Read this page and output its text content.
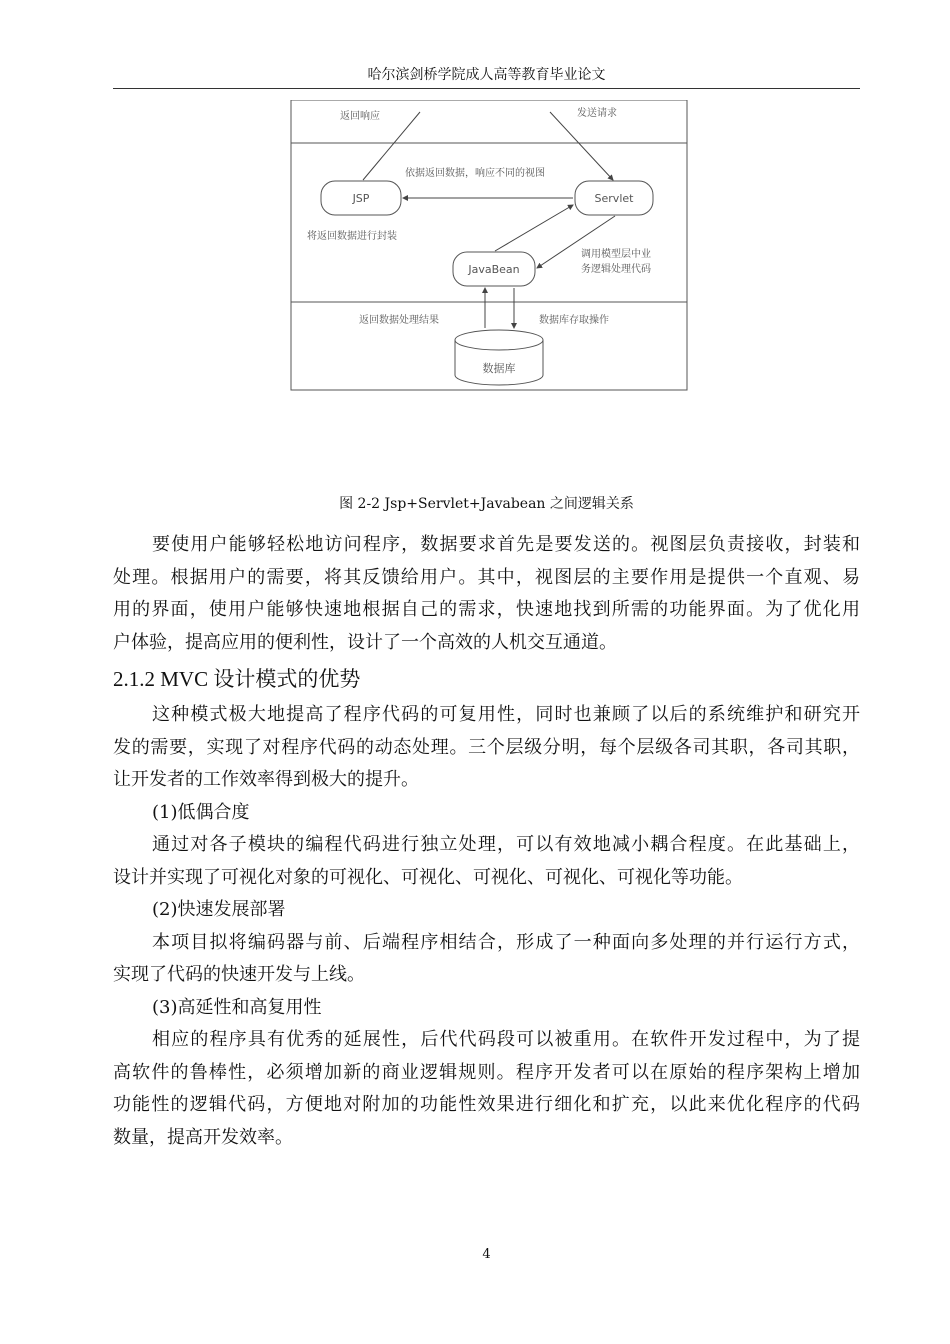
哈尔滨剑桥学院成人高等教育毕业论文
返回响应	发送请求
依据返回数据，响应不同的视图
JSP	Servlet
将返回数据进行封装
JavaBean
调用模型层中业
务逻辑处理代码
返回数据处理结果	数据库存取操作
数据库
图 2-2 Jsp+Servlet+Javabean 之间逻辑关系
要使用户能够轻松地访问程序，数据要求首先是要发送的。视图层负责接收，封装和
处理。根据用户的需要，将其反馈给用户。其中，视图层的主要作用是提供一个直观、易
用的界面，使用户能够快速地根据自己的需求，快速地找到所需的功能界面。为了优化用
户体验，提高应用的便利性，设计了一个高效的人机交互通道。
2.1.2 MVC 设计模式的优势
这种模式极大地提高了程序代码的可复用性，同时也兼顾了以后的系统维护和研究开
发的需要，实现了对程序代码的动态处理。三个层级分明，每个层级各司其职，各司其职，
让开发者的工作效率得到极大的提升。
(1)低偶合度
通过对各子模块的编程代码进行独立处理，可以有效地减小耦合程度。在此基础上，
设计并实现了可视化对象的可视化、可视化、可视化、可视化、可视化等功能。
(2)快速发展部署
本项目拟将编码器与前、后端程序相结合，形成了一种面向多处理的并行运行方式，
实现了代码的快速开发与上线。
(3)高延性和高复用性
相应的程序具有优秀的延展性，后代代码段可以被重用。在软件开发过程中，为了提
高软件的鲁棒性，必须增加新的商业逻辑规则。程序开发者可以在原始的程序架构上增加
功能性的逻辑代码，方便地对附加的功能性效果进行细化和扩充，以此来优化程序的代码
数量，提高开发效率。
4
